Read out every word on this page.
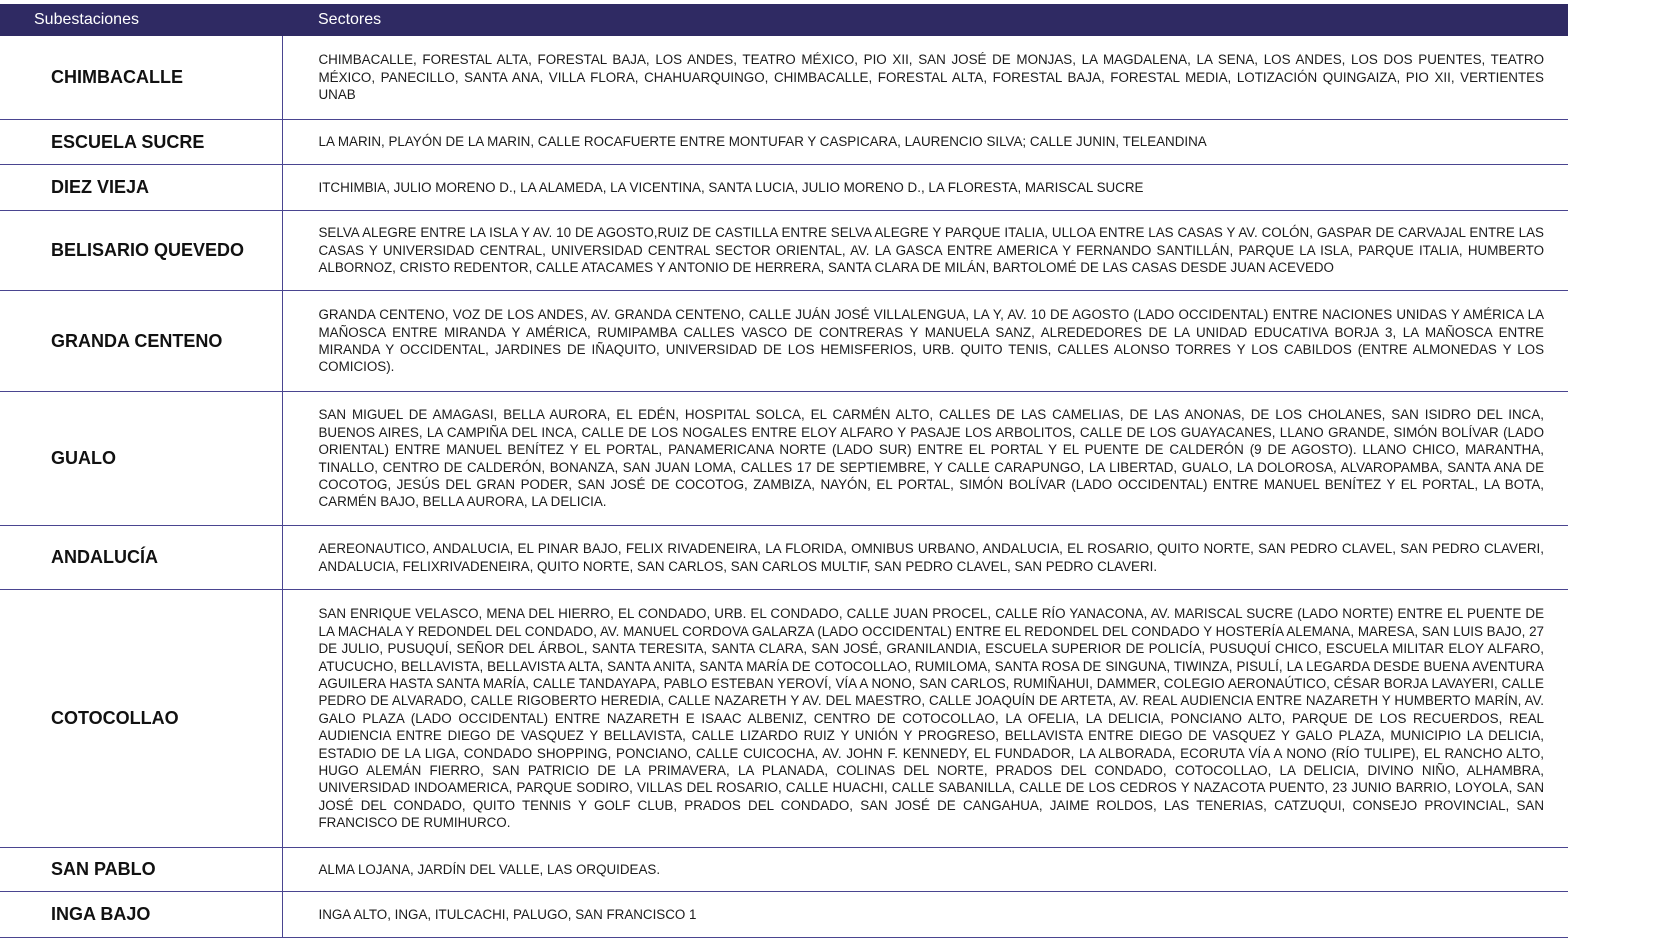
Subestaciones	Sectores
CHIMBACALLE	CHIMBACALLE, FORESTAL ALTA, FORESTAL BAJA, LOS ANDES, TEATRO MÉXICO, PIO XII, SAN JOSÉ DE MONJAS, LA MAGDALENA, LA SENA, LOS ANDES, LOS DOS PUENTES, TEATRO MÉXICO, PANECILLO, SANTA ANA, VILLA FLORA, CHAHUARQUINGO, CHIMBACALLE, FORESTAL ALTA, FORESTAL BAJA, FORESTAL MEDIA, LOTIZACIÓN QUINGAIZA, PIO XII, VERTIENTES UNAB
ESCUELA SUCRE	LA MARIN, PLAYÓN DE LA MARIN, CALLE ROCAFUERTE ENTRE MONTUFAR Y CASPICARA, LAURENCIO SILVA; CALLE JUNIN, TELEANDINA
DIEZ VIEJA	ITCHIMBIA, JULIO MORENO D., LA ALAMEDA, LA VICENTINA, SANTA LUCIA, JULIO MORENO D., LA FLORESTA, MARISCAL SUCRE
BELISARIO QUEVEDO	SELVA ALEGRE ENTRE LA ISLA Y AV. 10 DE AGOSTO,RUIZ DE CASTILLA ENTRE SELVA ALEGRE Y PARQUE ITALIA, ULLOA ENTRE LAS CASAS Y AV. COLÓN, GASPAR DE CARVAJAL ENTRE LAS CASAS Y UNIVERSIDAD CENTRAL, UNIVERSIDAD CENTRAL SECTOR ORIENTAL, AV. LA GASCA ENTRE AMERICA Y FERNANDO SANTILLÁN, PARQUE LA ISLA, PARQUE ITALIA, HUMBERTO ALBORNOZ, CRISTO REDENTOR, CALLE ATACAMES Y ANTONIO DE HERRERA, SANTA CLARA DE MILÁN, BARTOLOMÉ DE LAS CASAS DESDE JUAN ACEVEDO
GRANDA CENTENO	GRANDA CENTENO, VOZ DE LOS ANDES, AV. GRANDA CENTENO, CALLE JUÁN JOSÉ VILLALENGUA, LA Y, AV. 10 DE AGOSTO (LADO OCCIDENTAL) ENTRE NACIONES UNIDAS Y AMÉRICA LA MAÑOSCA ENTRE MIRANDA Y AMÉRICA, RUMIPAMBA CALLES VASCO DE CONTRERAS Y MANUELA SANZ, ALREDEDORES DE LA UNIDAD EDUCATIVA BORJA 3, LA MAÑOSCA ENTRE MIRANDA Y OCCIDENTAL, JARDINES DE IÑAQUITO, UNIVERSIDAD DE LOS HEMISFERIOS, URB. QUITO TENIS, CALLES ALONSO TORRES Y LOS CABILDOS (ENTRE ALMONEDAS Y LOS COMICIOS).
GUALO	SAN MIGUEL DE AMAGASI, BELLA AURORA, EL EDÉN, HOSPITAL SOLCA, EL CARMÉN ALTO, CALLES DE LAS CAMELIAS, DE LAS ANONAS, DE LOS CHOLANES, SAN ISIDRO DEL INCA, BUENOS AIRES, LA CAMPIÑA DEL INCA, CALLE DE LOS NOGALES ENTRE ELOY ALFARO Y PASAJE LOS ARBOLITOS, CALLE DE LOS GUAYACANES, LLANO GRANDE, SIMÓN BOLÍVAR (LADO ORIENTAL) ENTRE MANUEL BENÍTEZ Y EL PORTAL, PANAMERICANA NORTE (LADO SUR) ENTRE EL PORTAL Y EL PUENTE DE CALDERÓN (9 DE AGOSTO). LLANO CHICO, MARANTHA, TINALLO, CENTRO DE CALDERÓN, BONANZA, SAN JUAN LOMA, CALLES 17 DE SEPTIEMBRE, Y CALLE CARAPUNGO, LA LIBERTAD, GUALO, LA DOLOROSA, ALVAROPAMBA, SANTA ANA DE COCOTOG, JESÚS DEL GRAN PODER, SAN JOSÉ DE COCOTOG, ZAMBIZA, NAYÓN, EL PORTAL, SIMÓN BOLÍVAR (LADO OCCIDENTAL) ENTRE MANUEL BENÍTEZ Y EL PORTAL, LA BOTA, CARMÉN BAJO, BELLA AURORA, LA DELICIA.
ANDALUCÍA	AEREONAUTICO, ANDALUCIA, EL PINAR BAJO, FELIX RIVADENEIRA, LA FLORIDA, OMNIBUS URBANO, ANDALUCIA, EL ROSARIO, QUITO NORTE, SAN PEDRO CLAVEL, SAN PEDRO CLAVERI, ANDALUCIA, FELIXRIVADENEIRA, QUITO NORTE, SAN CARLOS, SAN CARLOS MULTIF, SAN PEDRO CLAVEL, SAN PEDRO CLAVERI.
COTOCOLLAO	SAN ENRIQUE VELASCO, MENA DEL HIERRO, EL CONDADO, URB. EL CONDADO, CALLE JUAN PROCEL, CALLE RÍO YANACONA, AV. MARISCAL SUCRE (LADO NORTE) ENTRE EL PUENTE DE LA MACHALA Y REDONDEL DEL CONDADO, AV. MANUEL CORDOVA GALARZA (LADO OCCIDENTAL) ENTRE EL REDONDEL DEL CONDADO Y HOSTERÍA ALEMANA, MARESA, SAN LUIS BAJO, 27 DE JULIO, PUSUQUÍ, SEÑOR DEL ÁRBOL, SANTA TERESITA, SANTA CLARA, SAN JOSÉ, GRANILANDIA, ESCUELA SUPERIOR DE POLICÍA, PUSUQUÍ CHICO, ESCUELA MILITAR ELOY ALFARO, ATUCUCHO, BELLAVISTA, BELLAVISTA ALTA, SANTA ANITA, SANTA MARÍA DE COTOCOLLAO, RUMILOMA, SANTA ROSA DE SINGUNA, TIWINZA, PISULÍ, LA LEGARDA DESDE BUENA AVENTURA AGUILERA HASTA SANTA MARÍA, CALLE TANDAYAPA, PABLO ESTEBAN YEROVÍ, VÍA A NONO, SAN CARLOS, RUMIÑAHUI, DAMMER, COLEGIO AERONAÚTICO, CÉSAR BORJA LAVAYERI, CALLE PEDRO DE ALVARADO, CALLE RIGOBERTO HEREDIA, CALLE NAZARETH Y AV. DEL MAESTRO, CALLE JOAQUÍN DE ARTETA, AV. REAL AUDIENCIA ENTRE NAZARETH Y HUMBERTO MARÍN, AV. GALO PLAZA (LADO OCCIDENTAL) ENTRE NAZARETH E ISAAC ALBENIZ, CENTRO DE COTOCOLLAO, LA OFELIA, LA DELICIA, PONCIANO ALTO, PARQUE DE LOS RECUERDOS, REAL AUDIENCIA ENTRE DIEGO DE VASQUEZ Y BELLAVISTA, CALLE LIZARDO RUIZ Y UNIÓN Y PROGRESO, BELLAVISTA ENTRE DIEGO DE VASQUEZ Y GALO PLAZA, MUNICIPIO LA DELICIA, ESTADIO DE LA LIGA, CONDADO SHOPPING, PONCIANO, CALLE CUICOCHA, AV. JOHN F. KENNEDY, EL FUNDADOR, LA ALBORADA, ECORUTA VÍA A NONO (RÍO TULIPE), EL RANCHO ALTO, HUGO ALEMÁN FIERRO, SAN PATRICIO DE LA PRIMAVERA, LA PLANADA, COLINAS DEL NORTE, PRADOS DEL CONDADO, COTOCOLLAO, LA DELICIA, DIVINO NIÑO, ALHAMBRA, UNIVERSIDAD INDOAMERICA, PARQUE SODIRO, VILLAS DEL ROSARIO, CALLE HUACHI, CALLE SABANILLA, CALLE DE LOS CEDROS Y NAZACOTA PUENTO, 23 JUNIO BARRIO, LOYOLA, SAN JOSÉ DEL CONDADO, QUITO TENNIS Y GOLF CLUB, PRADOS DEL CONDADO, SAN JOSÉ DE CANGAHUA, JAIME ROLDOS, LAS TENERIAS, CATZUQUI, CONSEJO PROVINCIAL, SAN FRANCISCO DE RUMIHURCO.
SAN PABLO	ALMA LOJANA, JARDÍN DEL VALLE, LAS ORQUIDEAS.
INGA BAJO	INGA ALTO, INGA, ITULCACHI, PALUGO, SAN FRANCISCO 1
